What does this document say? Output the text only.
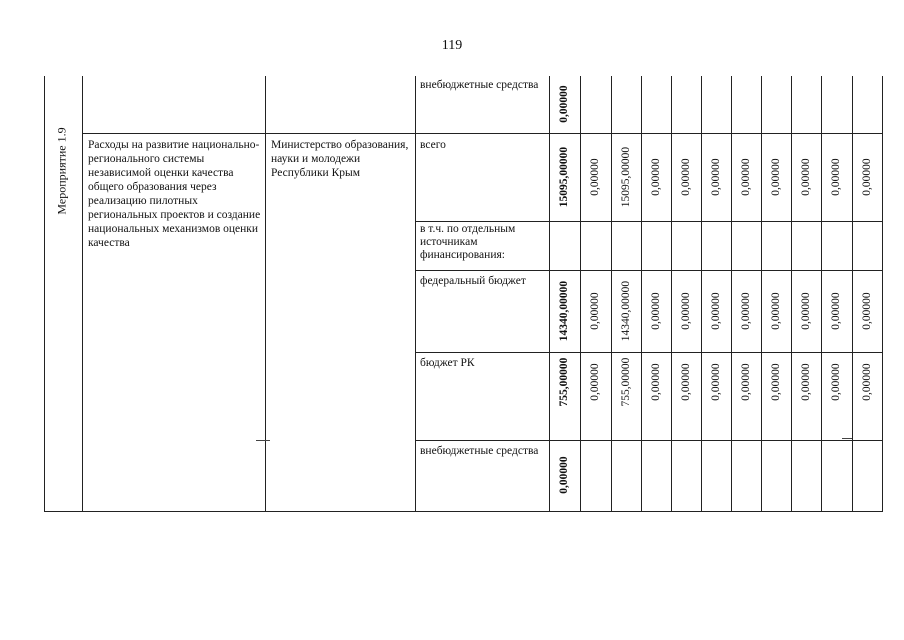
119
внебюджетные средства
0,00000
Мероприятие 1.9 Расходы на развитие национально-регионального системы независимой оценки качества общего образования через реализацию пилотных региональных проектов и создание национальных механизмов оценки качества
Министерство образования, науки и молодежи Республики Крым
всего
15095,00000 0,00000 15095,00000 0,00000 0,00000 0,00000 0,00000 0,00000 0,00000 0,00000 0,00000
в т.ч. по отдельным источникам финансирования:
федеральный бюджет	14340,00000 0,00000 14340,00000 0,00000 0,00000 0,00000 0,00000 0,00000 0,00000 0,00000 0,00000
бюджет РК	755,00000 0,00000 755,00000 0,00000 0,00000 0,00000 0,00000 0,00000 0,00000 0,00000 0,00000
внебюджетные средства
0,00000
